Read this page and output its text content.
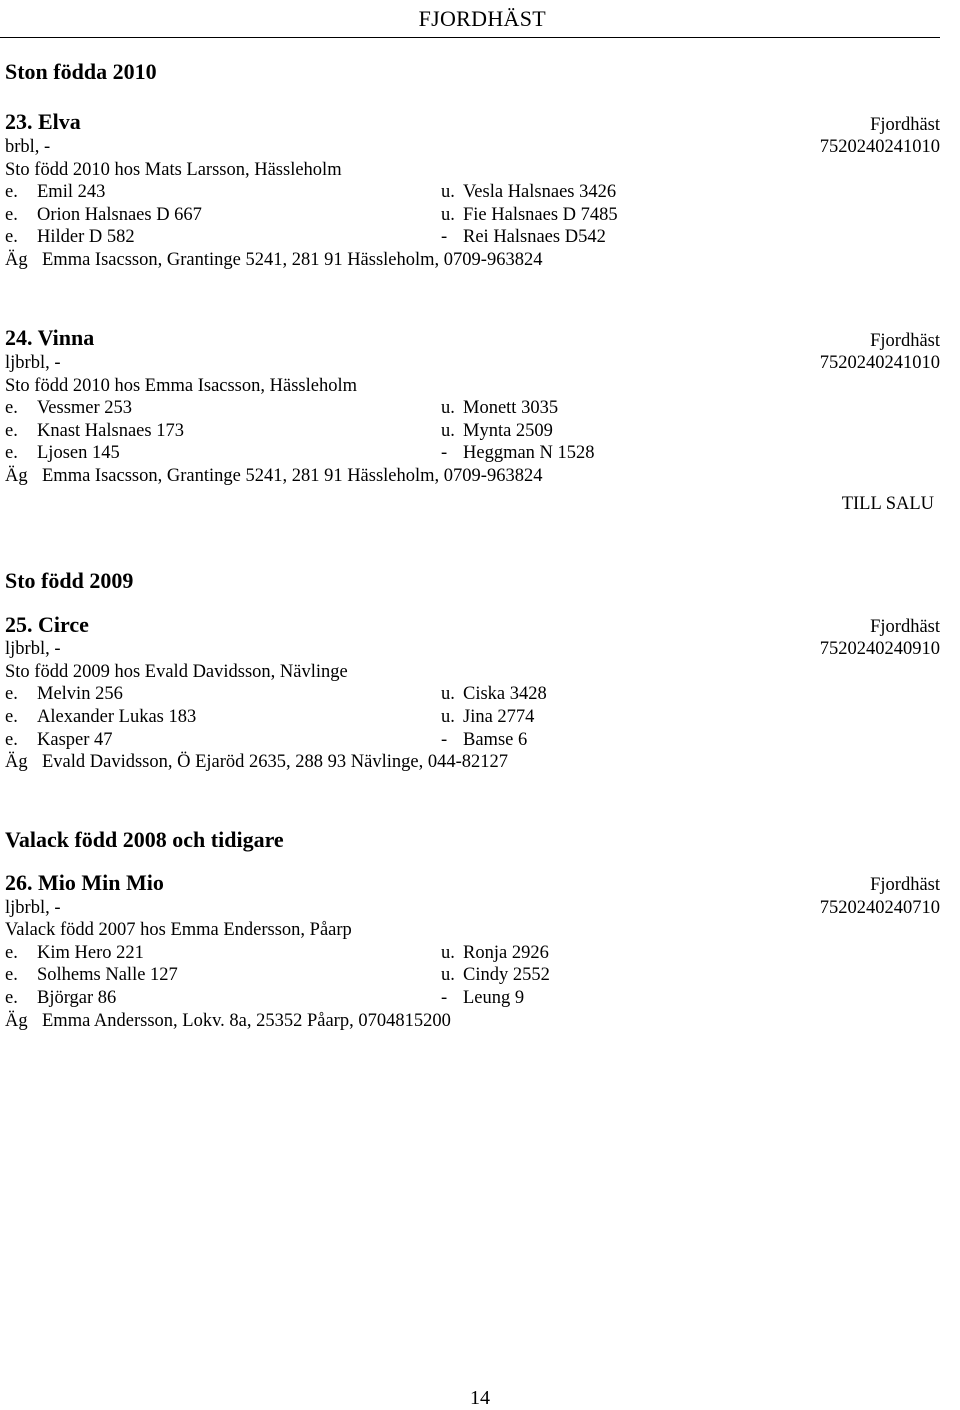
FJORDHÄST
Ston födda 2010
23. Elva	Fjordhäst
brbl, -	7520240241010
Sto född 2010 hos Mats Larsson, Hässleholm
e. Emil 243	u. Vesla Halsnaes 3426
e. Orion Halsnaes D 667	u. Fie Halsnaes D 7485
e. Hilder D 582	- Rei Halsnaes D542
Äg Emma Isacsson, Grantinge 5241, 281 91 Hässleholm, 0709-963824
24. Vinna	Fjordhäst
ljbrbl, -	7520240241010
Sto född 2010 hos Emma Isacsson, Hässleholm
e. Vessmer 253	u. Monett 3035
e. Knast Halsnaes 173	u. Mynta 2509
e. Ljosen 145	- Heggman N 1528
Äg Emma Isacsson, Grantinge 5241, 281 91 Hässleholm, 0709-963824
TILL SALU
Sto född 2009
25. Circe	Fjordhäst
ljbrbl, -	7520240240910
Sto född 2009 hos Evald Davidsson, Nävlinge
e. Melvin 256	u. Ciska 3428
e. Alexander Lukas 183	u. Jina 2774
e. Kasper 47	- Bamse 6
Äg Evald Davidsson, Ö Ejaröd 2635, 288 93 Nävlinge, 044-82127
Valack född 2008 och tidigare
26. Mio Min Mio	Fjordhäst
ljbrbl, -	7520240240710
Valack född 2007 hos Emma Endersson, Påarp
e. Kim Hero 221	u. Ronja 2926
e. Solhems Nalle 127	u. Cindy 2552
e. Björgar 86	- Leung 9
Äg Emma Andersson, Lokv. 8a, 25352 Påarp, 0704815200
14
